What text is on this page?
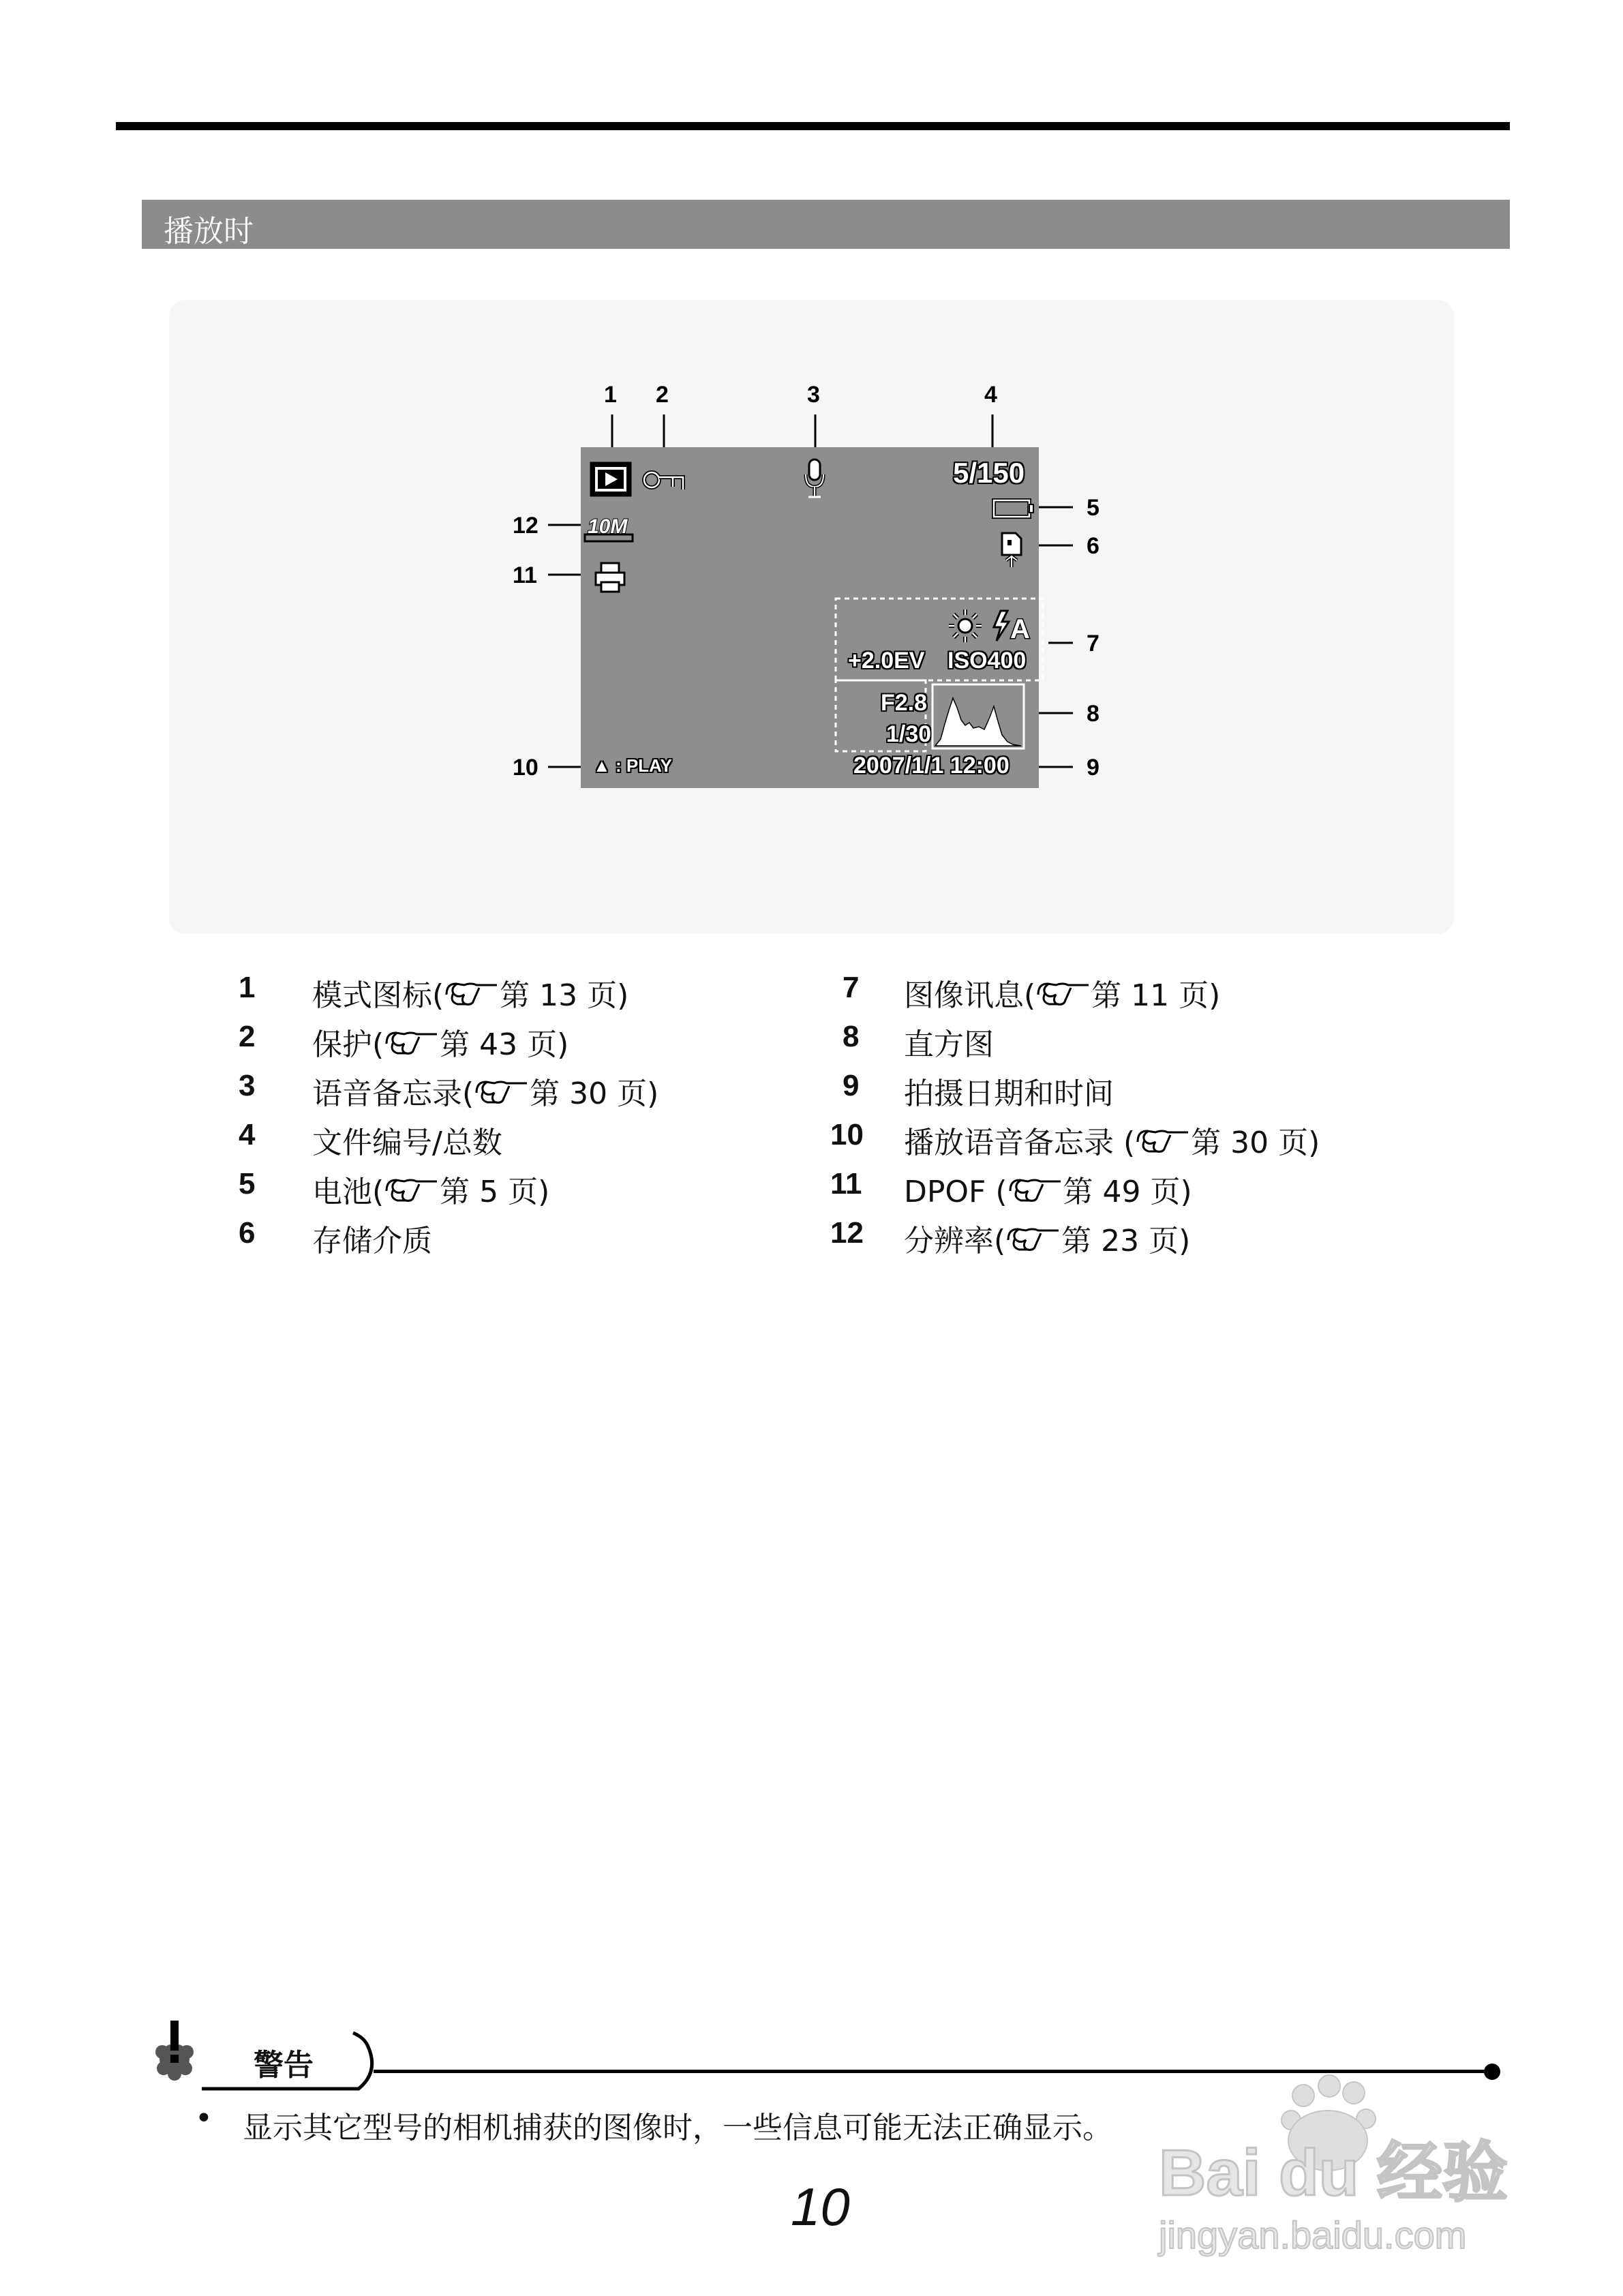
播放时
1 2	3	4
5
6
7
8
9
10
11
12
5/150
10M
A
+2.0EV ISO400
F2.8
1/30
▲ : PLAY	2007/1/1 12:00
1 模式图标( 第 13 页)
2 保护( 第 43 页)
3 语音备忘录( 第 30 页)
4 文件编号/总数
5 电池( 第 5 页)
6 存储介质
7 图像讯息( 第 11 页)
8 直方图
9 拍摄日期和时间
10 播放语音备忘录 ( 第 30 页)
11 DPOF ( 第 49 页)
12 分辨率( 第 23 页)
警告
• 显示其它型号的相机捕获的图像时，一些信息可能无法正确显示。
10	Bai du 经验
jingyan.baidu.com
